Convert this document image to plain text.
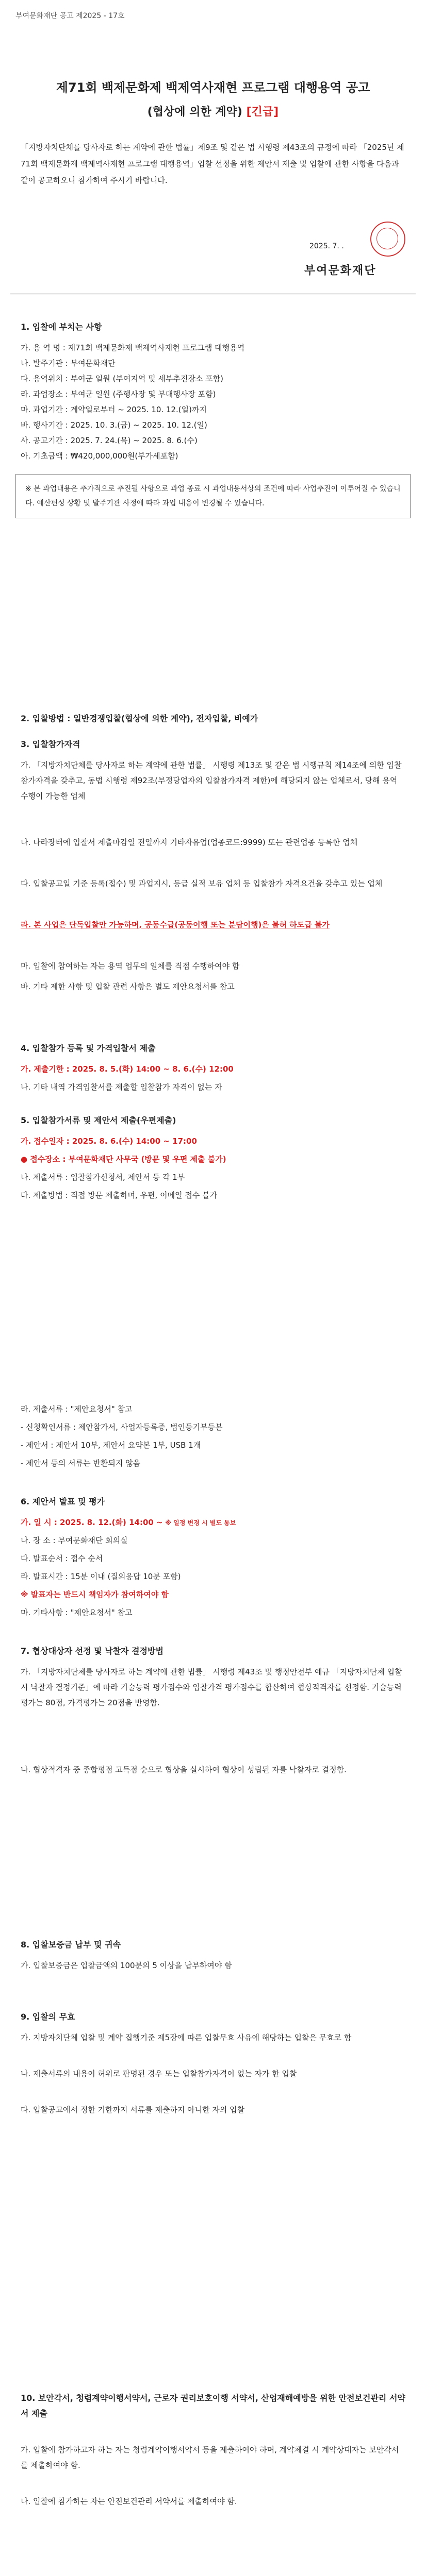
부여문화재단 공고 제2025 - 17호
제71회 백제문화제 백제역사재현 프로그램 대행용역 공고
(협상에 의한 계약) [긴급]
「지방자치단체를 당사자로 하는 계약에 관한 법률」제9조 및 같은 법 시행령 제43조의 규정에 따라 「2025년 제71회 백제문화제 백제역사재현 프로그램 대행용역」입찰 선정을 위한 제안서 제출 및 입찰에 관한 사항을 다음과 같이 공고하오니 참가하여 주시기 바랍니다.
2025. 7. .
부여문화재단
1. 입찰에 부치는 사항
가. 용 역 명 : 제71회 백제문화제 백제역사재현 프로그램 대행용역
나. 발주기관 : 부여문화재단
다. 용역위치 : 부여군 일원 (부여지역 및 세부추진장소 포함)
라. 과업장소 : 부여군 일원 (주행사장 및 부대행사장 포함)
마. 과업기간 : 계약일로부터 ~ 2025. 10. 12.(일)까지
바. 행사기간 : 2025. 10. 3.(금) ~ 2025. 10. 12.(일)
사. 공고기간 : 2025. 7. 24.(목) ~ 2025. 8. 6.(수)
아. 기초금액 : ₩420,000,000원(부가세포함)
※ 본 과업내용은 추가적으로 추진될 사항으로 과업 종료 시 과업내용서상의 조건에 따라 사업추진이 이루어질 수 있습니다. 예산편성 상황 및 발주기관 사정에 따라 과업 내용이 변경될 수 있습니다.
2. 입찰방법 : 일반경쟁입찰(협상에 의한 계약), 전자입찰, 비예가
3. 입찰참가자격
가. 「지방자치단체를 당사자로 하는 계약에 관한 법률」 시행령 제13조 및 같은 법 시행규칙 제14조에 의한 입찰 참가자격을 갖추고, 동법 시행령 제92조(부정당업자의 입찰참가자격 제한)에 해당되지 않는 업체로서, 당해 용역 수행이 가능한 업체
나. 나라장터에 입찰서 제출마감일 전일까지 기타자유업(업종코드:9999) 또는 관련업종 등록한 업체
다. 입찰공고일 기준 등록(접수) 및 과업지시, 등급 실적 보유 업체 등 입찰참가 자격요건을 갖추고 있는 업체
라. 본 사업은 단독입찰만 가능하며, 공동수급(공동이행 또는 분담이행)은 불허 하도급 불가
마. 입찰에 참여하는 자는 용역 업무의 일체를 직접 수행하여야 함
바. 기타 제한 사항 및 입찰 관련 사항은 별도 제안요청서를 참고
4. 입찰참가 등록 및 가격입찰서 제출
가. 제출기한 : 2025. 8. 5.(화) 14:00 ~ 8. 6.(수) 12:00
나. 기타 내역 가격입찰서를 제출할 입찰참가 자격이 없는 자
5. 입찰참가서류 및 제안서 제출(우편제출)
가. 접수일자 : 2025. 8. 6.(수) 14:00 ~ 17:00
● 접수장소 : 부여문화재단 사무국 (방문 및 우편 제출 불가)
나. 제출서류 : 입찰참가신청서, 제안서 등 각 1부
다. 제출방법 : 직접 방문 제출하며, 우편, 이메일 접수 불가
라. 제출서류 : "제안요청서" 참고
- 신청확인서류 : 제안참가서, 사업자등록증, 법인등기부등본
- 제안서 : 제안서 10부, 제안서 요약본 1부, USB 1개
- 제안서 등의 서류는 반환되지 않음
6. 제안서 발표 및 평가
가. 일 시 : 2025. 8. 12.(화) 14:00 ~ ※ 일정 변경 시 별도 통보
나. 장 소 : 부여문화재단 회의실
다. 발표순서 : 접수 순서
라. 발표시간 : 15분 이내 (질의응답 10분 포함)
※ 발표자는 반드시 책임자가 참여하여야 함
마. 기타사항 : "제안요청서" 참고
7. 협상대상자 선정 및 낙찰자 결정방법
가. 「지방자치단체를 당사자로 하는 계약에 관한 법률」 시행령 제43조 및 행정안전부 예규 「지방자치단체 입찰시 낙찰자 결정기준」에 따라 기술능력 평가점수와 입찰가격 평가점수를 합산하여 협상적격자를 선정함. 기술능력평가는 80점, 가격평가는 20점을 반영함.
나. 협상적격자 중 종합평점 고득점 순으로 협상을 실시하여 협상이 성립된 자를 낙찰자로 결정함.
8. 입찰보증금 납부 및 귀속
가. 입찰보증금은 입찰금액의 100분의 5 이상을 납부하여야 함
9. 입찰의 무효
가. 지방자치단체 입찰 및 계약 집행기준 제5장에 따른 입찰무효 사유에 해당하는 입찰은 무효로 함
나. 제출서류의 내용이 허위로 판명된 경우 또는 입찰참가자격이 없는 자가 한 입찰
다. 입찰공고에서 정한 기한까지 서류를 제출하지 아니한 자의 입찰
10. 보안각서, 청렴계약이행서약서, 근로자 권리보호이행 서약서, 산업재해예방을 위한 안전보건관리 서약서 제출
가. 입찰에 참가하고자 하는 자는 청렴계약이행서약서 등을 제출하여야 하며, 계약체결 시 계약상대자는 보안각서를 제출하여야 함.
나. 입찰에 참가하는 자는 안전보건관리 서약서를 제출하여야 함.
